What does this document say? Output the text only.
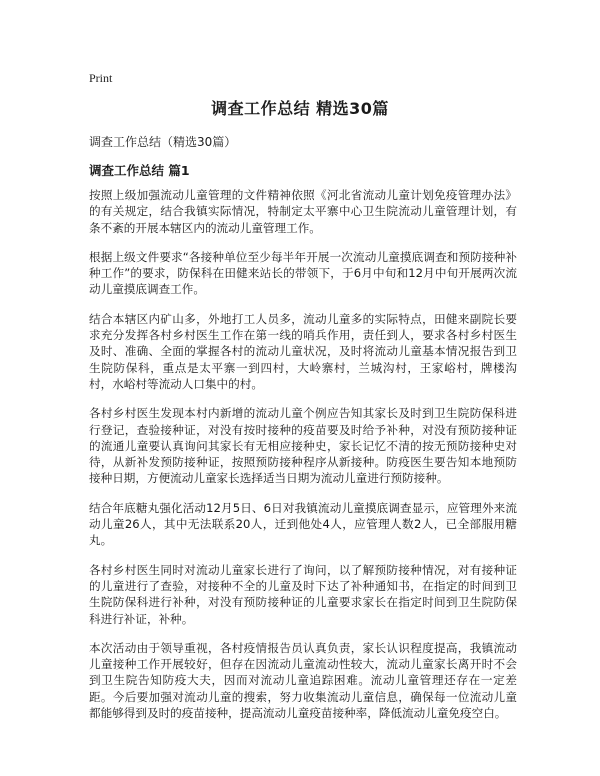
Print
调查工作总结 精选30篇

调查工作总结（精选30篇）

调查工作总结 篇1

按照上级加强流动儿童管理的文件精神依照《河北省流动儿童计划免疫管理办法》的有关规定，结合我镇实际情况，特制定太平寨中心卫生院流动儿童管理计划，有条不紊的开展本辖区内的流动儿童管理工作。

根据上级文件要求“各接种单位至少每半年开展一次流动儿童摸底调查和预防接种补种工作”的要求，防保科在田健来站长的带领下，于6月中旬和12月中旬开展两次流动儿童摸底调查工作。

结合本辖区内矿山多，外地打工人员多，流动儿童多的实际特点，田健来副院长要求充分发挥各村乡村医生工作在第一线的哨兵作用，责任到人，要求各村乡村医生及时、准确、全面的掌握各村的流动儿童状况，及时将流动儿童基本情况报告到卫生院防保科，重点是太平寨一到四村，大岭寨村，兰城沟村，王家峪村，牌楼沟村，水峪村等流动人口集中的村。

各村乡村医生发现本村内新增的流动儿童个例应告知其家长及时到卫生院防保科进行登记，查验接种证，对没有按时接种的疫苗要及时给予补种，对没有预防接种证的流通儿童要认真询问其家长有无相应接种史，家长记忆不清的按无预防接种史对待，从新补发预防接种证，按照预防接种程序从新接种。防疫医生要告知本地预防接种日期，方便流动儿童家长选择适当日期为流动儿童进行预防接种。

结合年底糖丸强化活动12月5日、6日对我镇流动儿童摸底调查显示，应管理外来流动儿童26人，其中无法联系20人，迁到他处4人，应管理人数2人，已全部服用糖丸。

各村乡村医生同时对流动儿童家长进行了询问，以了解预防接种情况，对有接种证的儿童进行了查验，对接种不全的儿童及时下达了补种通知书，在指定的时间到卫生院防保科进行补种，对没有预防接种证的儿童要求家长在指定时间到卫生院防保科进行补证，补种。

本次活动由于领导重视，各村疫情报告员认真负责，家长认识程度提高，我镇流动儿童接种工作开展较好，但存在因流动儿童流动性较大，流动儿童家长离开时不会到卫生院告知防疫大夫，因而对流动儿童追踪困难。流动儿童管理还存在一定差距。今后要加强对流动儿童的搜索，努力收集流动儿童信息，确保每一位流动儿童都能够得到及时的疫苗接种，提高流动儿童疫苗接种率，降低流动儿童免疫空白。
